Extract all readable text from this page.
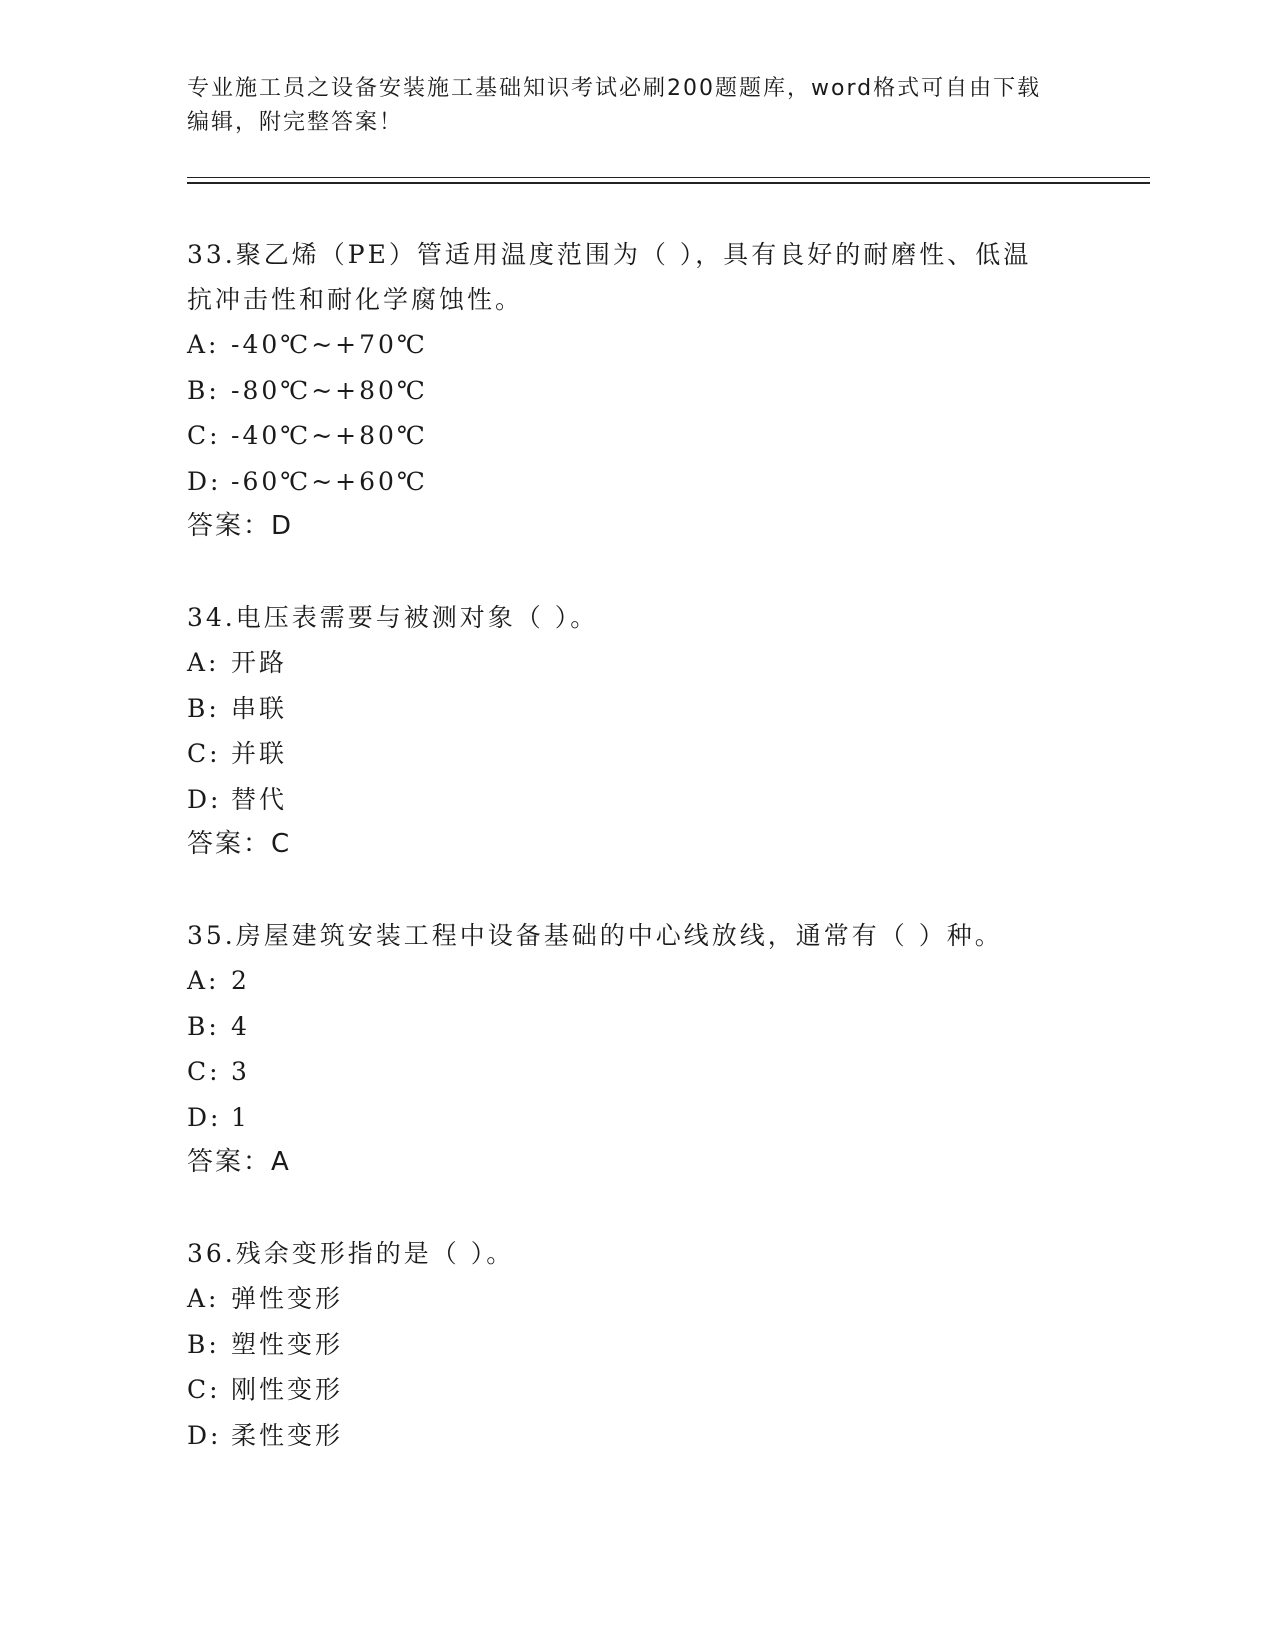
专业施工员之设备安装施工基础知识考试必刷200题题库，word格式可自由下载
编辑，附完整答案！
33.聚乙烯（PE）管适用温度范围为（ ），具有良好的耐磨性、低温
抗冲击性和耐化学腐蚀性。
A: -40℃~+70℃
B: -80℃~+80℃
C: -40℃~+80℃
D: -60℃~+60℃
答案：D
34.电压表需要与被测对象（ ）。
A: 开路
B: 串联
C: 并联
D: 替代
答案：C
35.房屋建筑安装工程中设备基础的中心线放线，通常有（ ）种。
A: 2
B: 4
C: 3
D: 1
答案：A
36.残余变形指的是（ ）。
A: 弹性变形
B: 塑性变形
C: 刚性变形
D: 柔性变形
